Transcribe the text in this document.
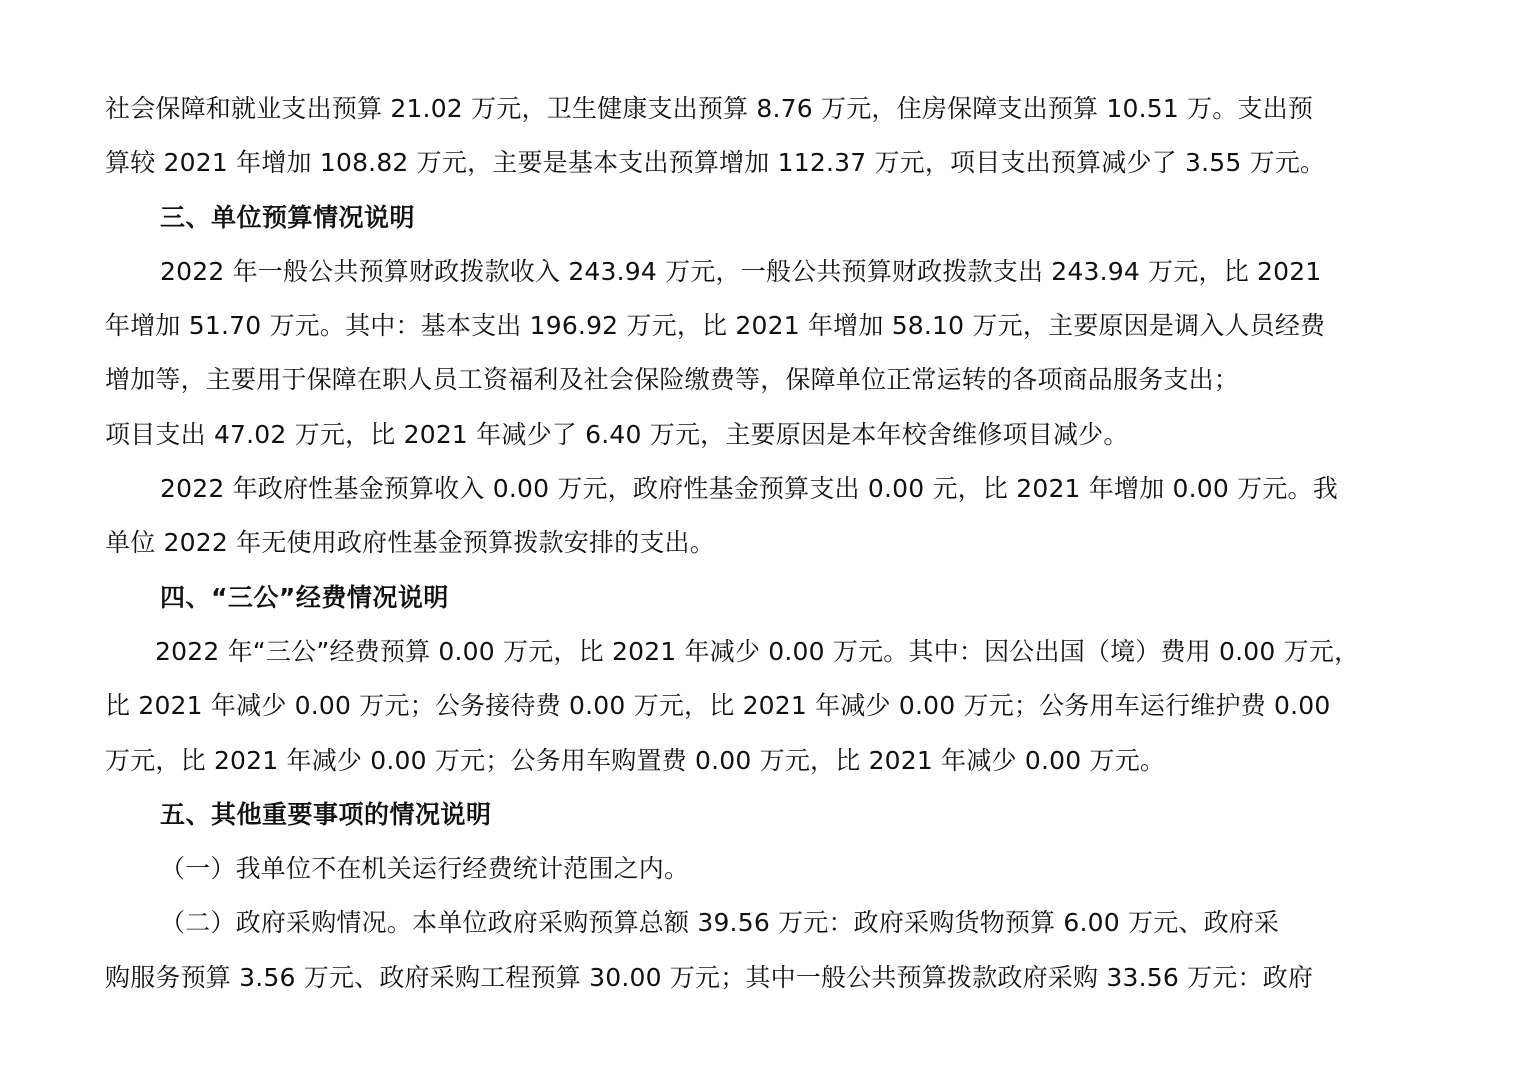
社会保障和就业支出预算 21.02 万元，卫生健康支出预算 8.76 万元，住房保障支出预算 10.51 万。支出预
算较 2021 年增加 108.82 万元，主要是基本支出预算增加 112.37 万元，项目支出预算减少了 3.55 万元。

三、单位预算情况说明

2022 年一般公共预算财政拨款收入 243.94 万元，一般公共预算财政拨款支出 243.94 万元，比 2021
年增加 51.70 万元。其中：基本支出 196.92 万元，比 2021 年增加 58.10 万元，主要原因是调入人员经费
增加等，主要用于保障在职人员工资福利及社会保险缴费等，保障单位正常运转的各项商品服务支出；
项目支出 47.02 万元，比 2021 年减少了 6.40 万元，主要原因是本年校舍维修项目减少。

2022 年政府性基金预算收入 0.00 万元，政府性基金预算支出 0.00 元，比 2021 年增加 0.00 万元。我
单位 2022 年无使用政府性基金预算拨款安排的支出。

四、“三公”经费情况说明

2022 年“三公”经费预算 0.00 万元，比 2021 年减少 0.00 万元。其中：因公出国（境）费用 0.00 万元，
比 2021 年减少 0.00 万元；公务接待费 0.00 万元，比 2021 年减少 0.00 万元；公务用车运行维护费 0.00
万元，比 2021 年减少 0.00 万元；公务用车购置费 0.00 万元，比 2021 年减少 0.00 万元。

五、其他重要事项的情况说明

（一）我单位不在机关运行经费统计范围之内。

（二）政府采购情况。本单位政府采购预算总额 39.56 万元：政府采购货物预算 6.00 万元、政府采
购服务预算 3.56 万元、政府采购工程预算 30.00 万元；其中一般公共预算拨款政府采购 33.56 万元：政府
